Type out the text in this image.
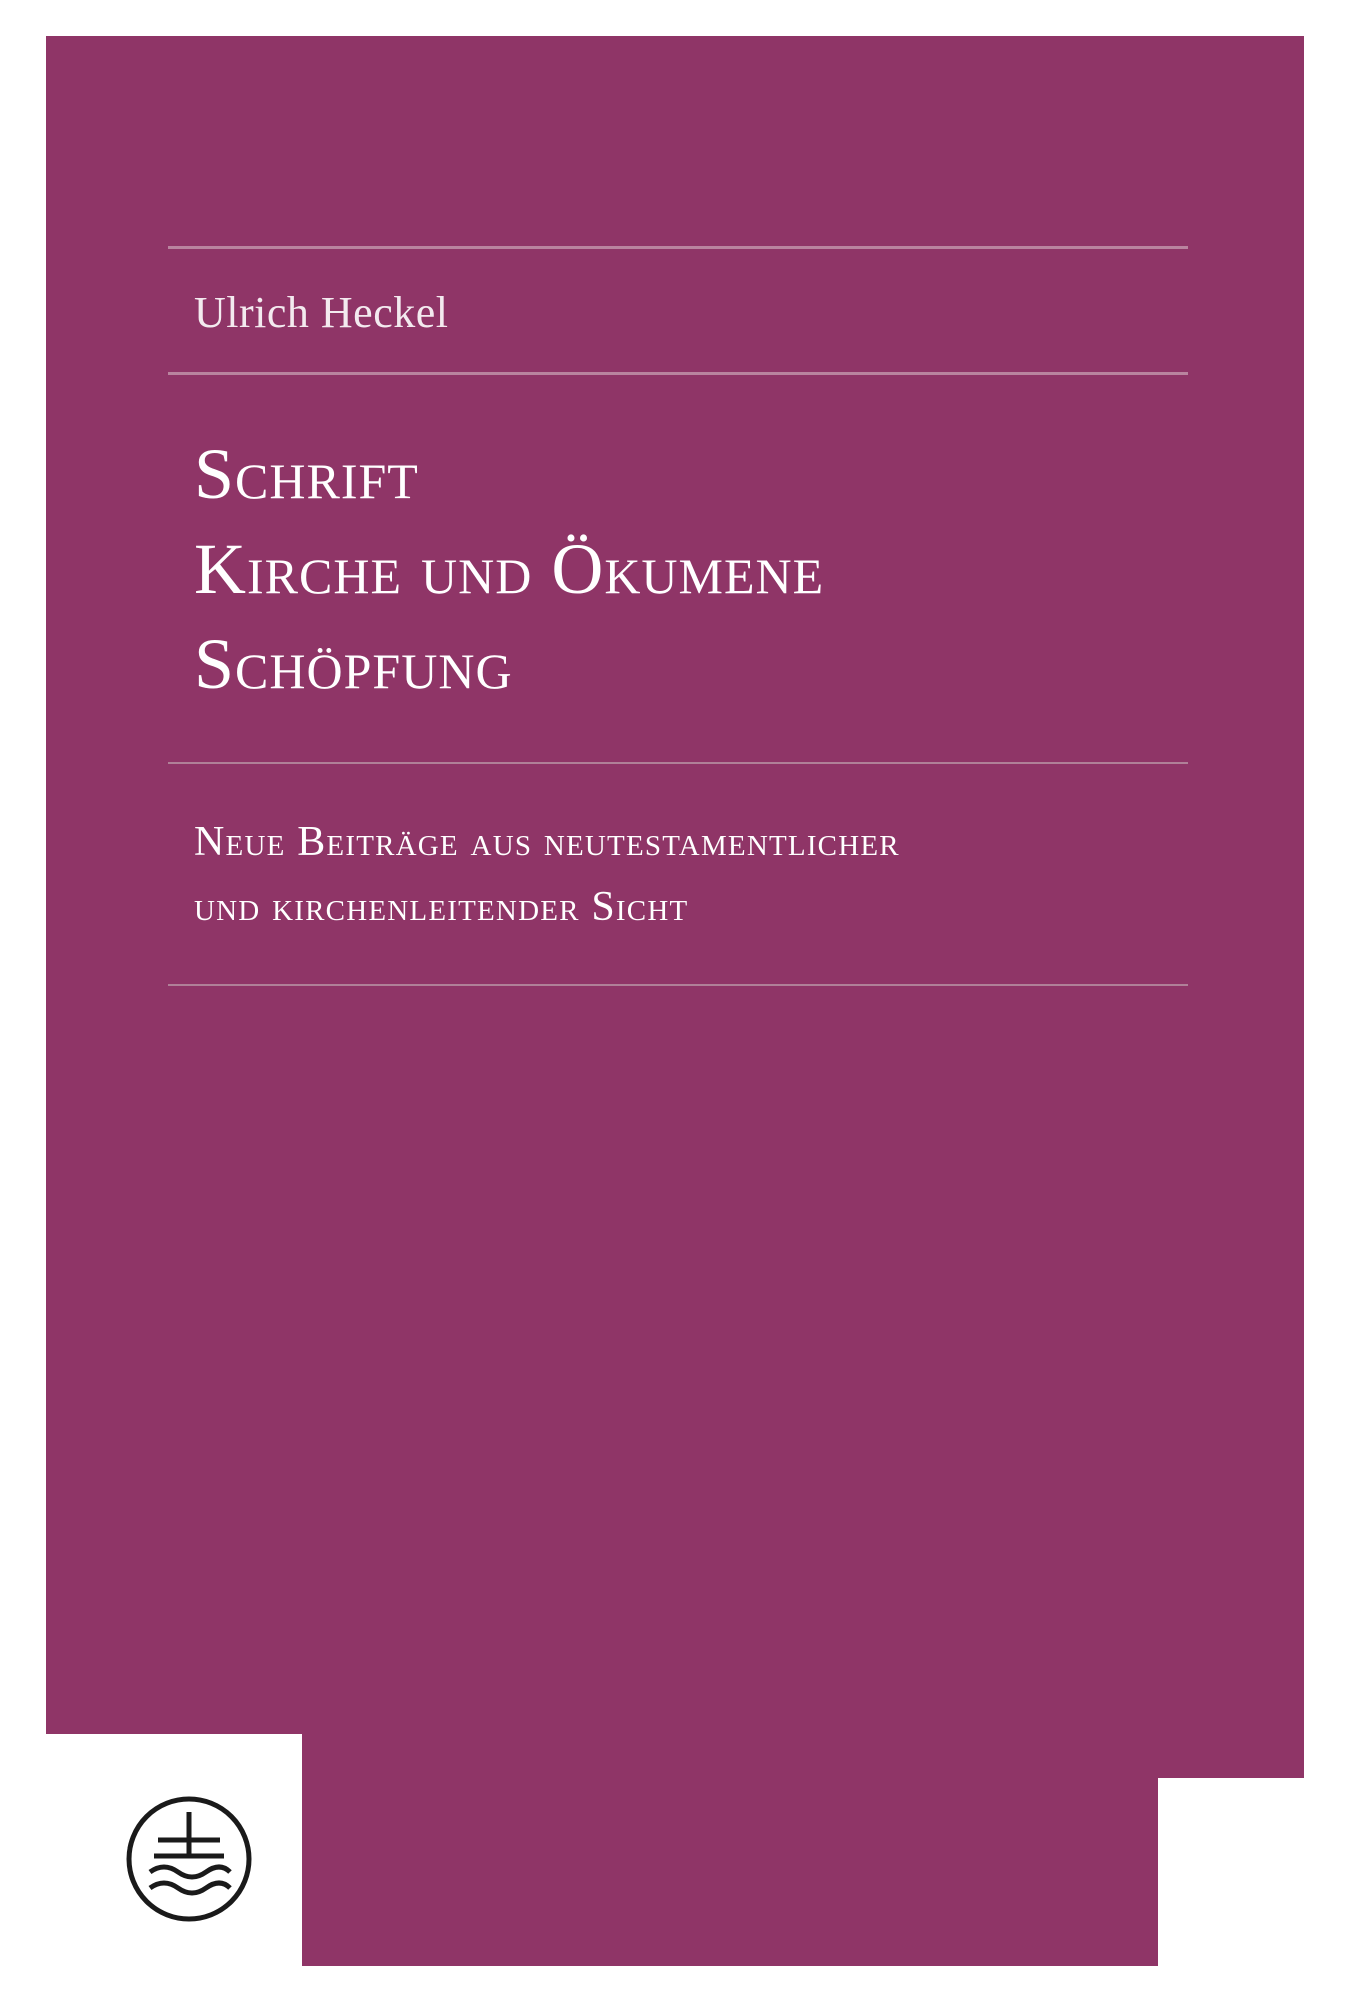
Ulrich Heckel
Schrift
Kirche und Ökumene
Schöpfung
Neue Beiträge aus neutestamentlicher
und kirchenleitender Sicht
